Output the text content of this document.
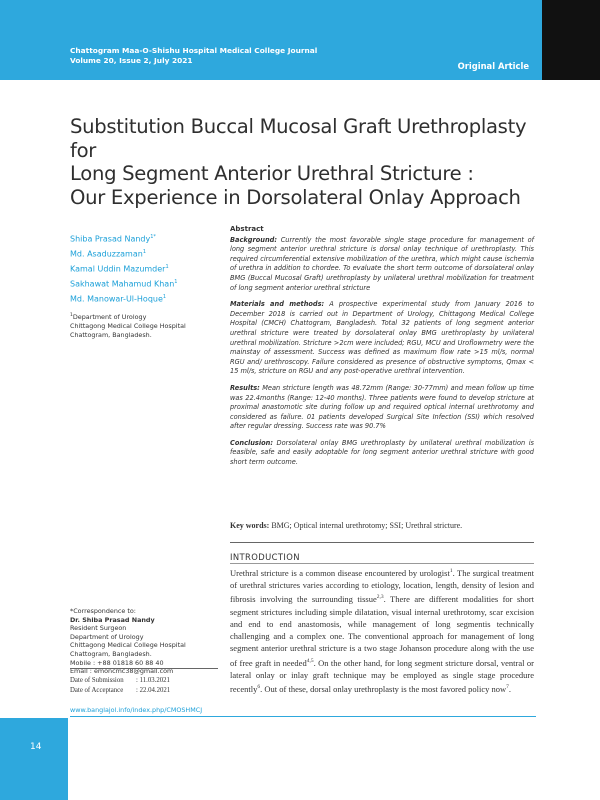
Chattogram Maa-O-Shishu Hospital Medical College Journal
Volume 20, Issue 2, July 2021
Original Article
Substitution Buccal Mucosal Graft Urethroplasty for
Long Segment Anterior Urethral Stricture :
Our Experience in Dorsolateral Onlay Approach
Shiba Prasad Nandy$^{1*}$
Md. Asaduzzaman$^1$
Kamal Uddin Mazumder$^1$
Sakhawat Mahamud Khan$^1$
Md. Manowar-Ul-Hoque$^1$
$^1$Department of Urology
Chittagong Medical College Hospital
Chattogram, Bangladesh.
Abstract

Background: Currently the most favorable single stage procedure for management of long segment anterior urethral stricture is dorsal onlay technique of urethroplasty. This required circumferential extensive mobilization of the urethra, which might cause ischemia of urethra in addition to chordee. To evaluate the short term outcome of dorsolateral onlay BMG (Buccal Mucosal Graft) urethroplasty by unilateral urethral mobilization for treatment of long segment anterior urethral stricture

Materials and methods: A prospective experimental study from January 2016 to December 2018 is carried out in Department of Urology, Chittagong Medical College Hospital (CMCH) Chattogram, Bangladesh. Total 32 patients of long segment anterior urethral stricture were treated by dorsolateral onlay BMG urethroplasty by unilateral urethral mobilization. Stricture >2cm were included; RGU, MCU and Uroflowmetry were the mainstay of assessment. Success was defined as maximum flow rate >15 ml/s, normal RGU and/ urethroscopy. Failure considered as presence of obstructive symptoms, Qmax < 15 ml/s, stricture on RGU and any post-operative urethral intervention.

Results: Mean stricture length was 48.72mm (Range: 30-77mm) and mean follow up time was 22.4months (Range: 12-40 months). Three patients were found to develop stricture at proximal anastomotic site during follow up and required optical internal urethrotomy and considered as failure. 01 patients developed Surgical Site Infection (SSI) which resolved after regular dressing. Success rate was 90.7%

Conclusion: Dorsolateral onlay BMG urethroplasty by unilateral urethral mobilization is feasible, safe and easily adoptable for long segment anterior urethral stricture with good short term outcome.

Key words: BMG; Optical internal urethrotomy; SSI; Urethral stricture.
INTRODUCTION
Urethral stricture is a common disease encountered by urologist$^1$. The surgical treatment of urethral strictures varies according to etiology, location, length, density of lesion and fibrosis involving the surrounding tissue$^{2,3}$. There are different modalities for short segment strictures including simple dilatation, visual internal urethrotomy, scar excision and end to end anastomosis, while management of long segmentis technically challenging and a complex one. The conventional approach for management of long segment anterior urethral stricture is a two stage Johanson procedure along with the use of free graft in needed$^{4,5}$. On the other hand, for long segment stricture dorsal, ventral or lateral onlay or inlay graft technique may be employed as single stage procedure recently$^6$. Out of these, dorsal onlay urethroplasty is the most favored policy now$^7$.
*Correspondence to:
Dr. Shiba Prasad Nandy
Resident Surgeon
Department of Urology
Chittagong Medical College Hospital
Chattogram, Bangladesh.
Mobile : +88 01818 60 88 40
Email : emoncmc38@gmail.com
Date of Submission	: 11.03.2021
Date of Acceptance	: 22.04.2021
www.banglajol.info/index.php/CMOSHMCJ
14
